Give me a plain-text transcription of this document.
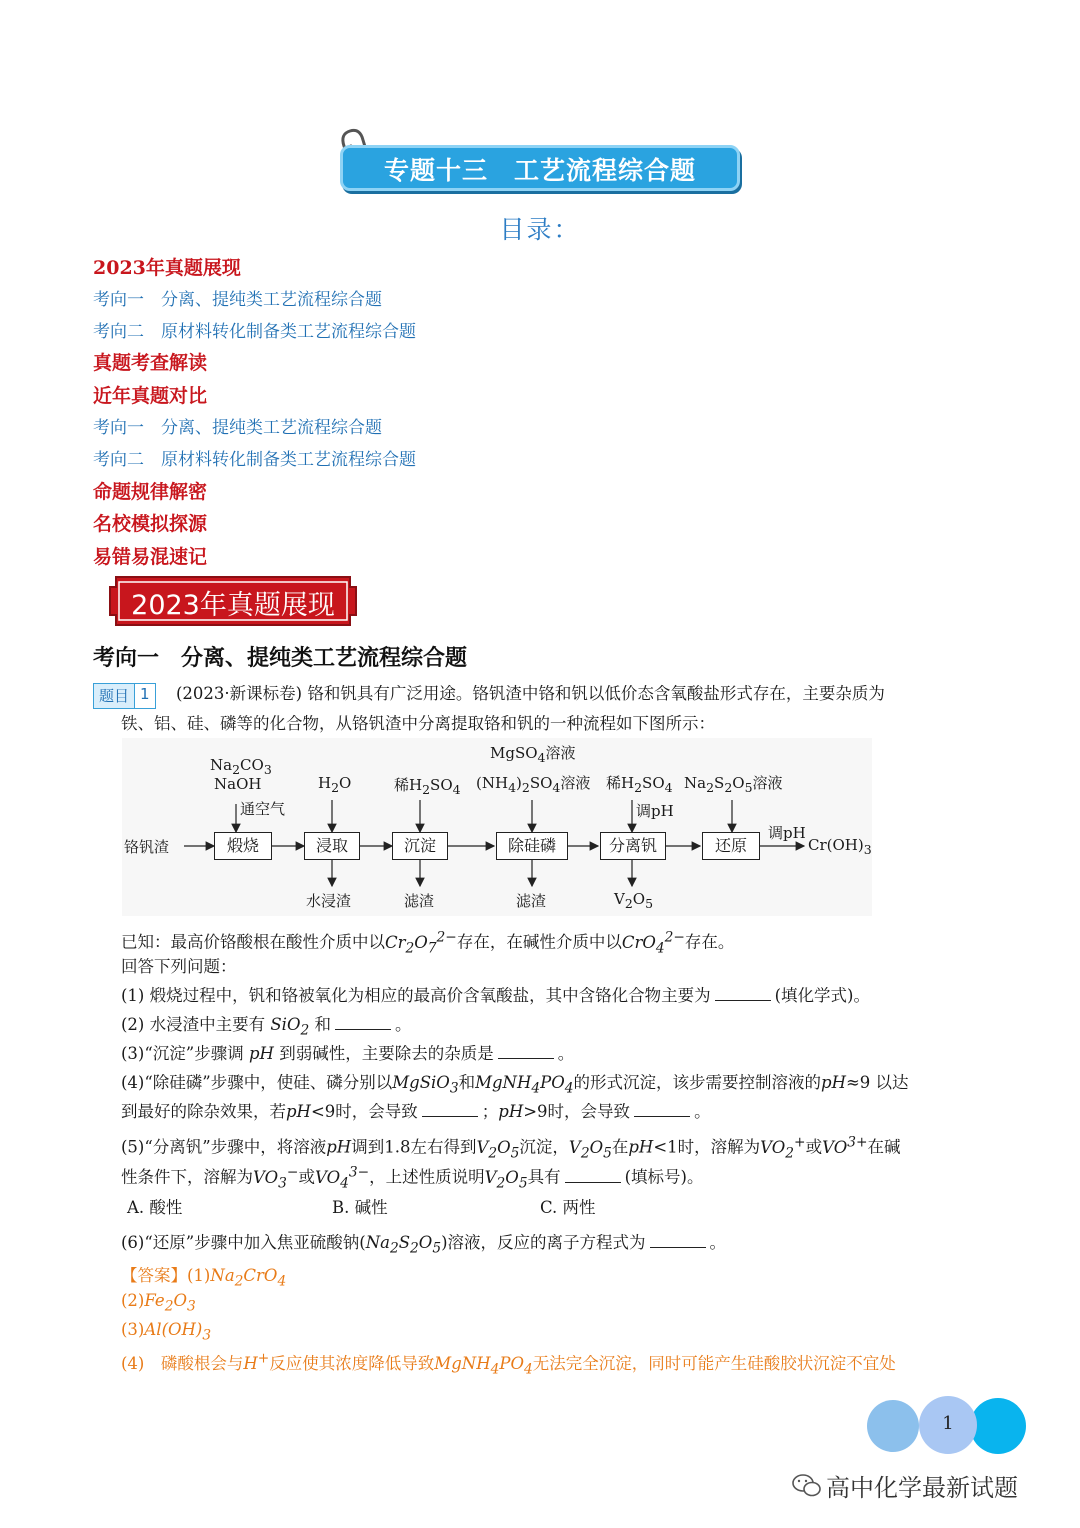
专题十三　工艺流程综合题
目录：
2023年真题展现
考向一　分离、提纯类工艺流程综合题
考向二　原材料转化制备类工艺流程综合题
真题考查解读
近年真题对比
考向一　分离、提纯类工艺流程综合题
考向二　原材料转化制备类工艺流程综合题
命题规律解密
名校模拟探源
易错易混速记
2023年真题展现
考向一　分离、提纯类工艺流程综合题
题目 1	(2023·新课标卷) 铬和钒具有广泛用途。铬钒渣中铬和钒以低价态含氧酸盐形式存在，主要杂质为
铁、铝、硅、磷等的化合物，从铬钒渣中分离提取铬和钒的一种流程如下图所示：
铬钒渣	煅烧	浸取	沉淀	除硅磷	分离钒	还原	$Cr(OH)_3$
$Na_2CO_3$
NaOH
通空气
$H_2O$	稀$H_2SO_4$
MgSO$_4$溶液
$(NH_4)_2SO_4$溶液 稀$H_2SO_4$
调pH
$Na_2S_2O_5$溶液
调pH
水浸渣	滤渣	滤渣	$V_2O_5$
已知：最高价铬酸根在酸性介质中以$Cr_2O_7^{2-}$存在，在碱性介质中以CrO$_4^{2-}$存在。
回答下列问题：
(1) 煅烧过程中，钒和铬被氧化为相应的最高价含氧酸盐，其中含铬化合物主要为	(填化学式)。
(2) 水浸渣中主要有 SiO$_2$ 和	。
(3)“沉淀”步骤调 pH 到弱碱性，主要除去的杂质是	。
(4)“除硅磷”步骤中，使硅、磷分别以MgSiO$_3$和$MgNH_4PO_4$的形式沉淀，该步需要控制溶液的pH≈9 以达
到最好的除杂效果，若pH<9时，会导致	；pH>9时，会导致	。
(5)“分离钒”步骤中，将溶液pH调到1.8左右得到$V_2O_5$沉淀，$V_2O_5$在pH<1时，溶解为$VO_2^+$或$VO^{3+}$在碱
性条件下，溶解为$VO_3^-$或$VO_4^{3-}$，上述性质说明$V_2O_5$具有	(填标号)。
A. 酸性	B. 碱性	C. 两性
(6)“还原”步骤中加入焦亚硫酸钠$(Na_2S_2O_5)$溶液，反应的离子方程式为	。
【答案】$(1)Na_2CrO_4$
$(2)Fe_2O_3$
$(3)Al(OH)_3$
(4)　磷酸根会与H+反应使其浓度降低导致$MgNH_4PO_4$无法完全沉淀，同时可能产生硅酸胶状沉淀不宜处
1
高中化学最新试题
